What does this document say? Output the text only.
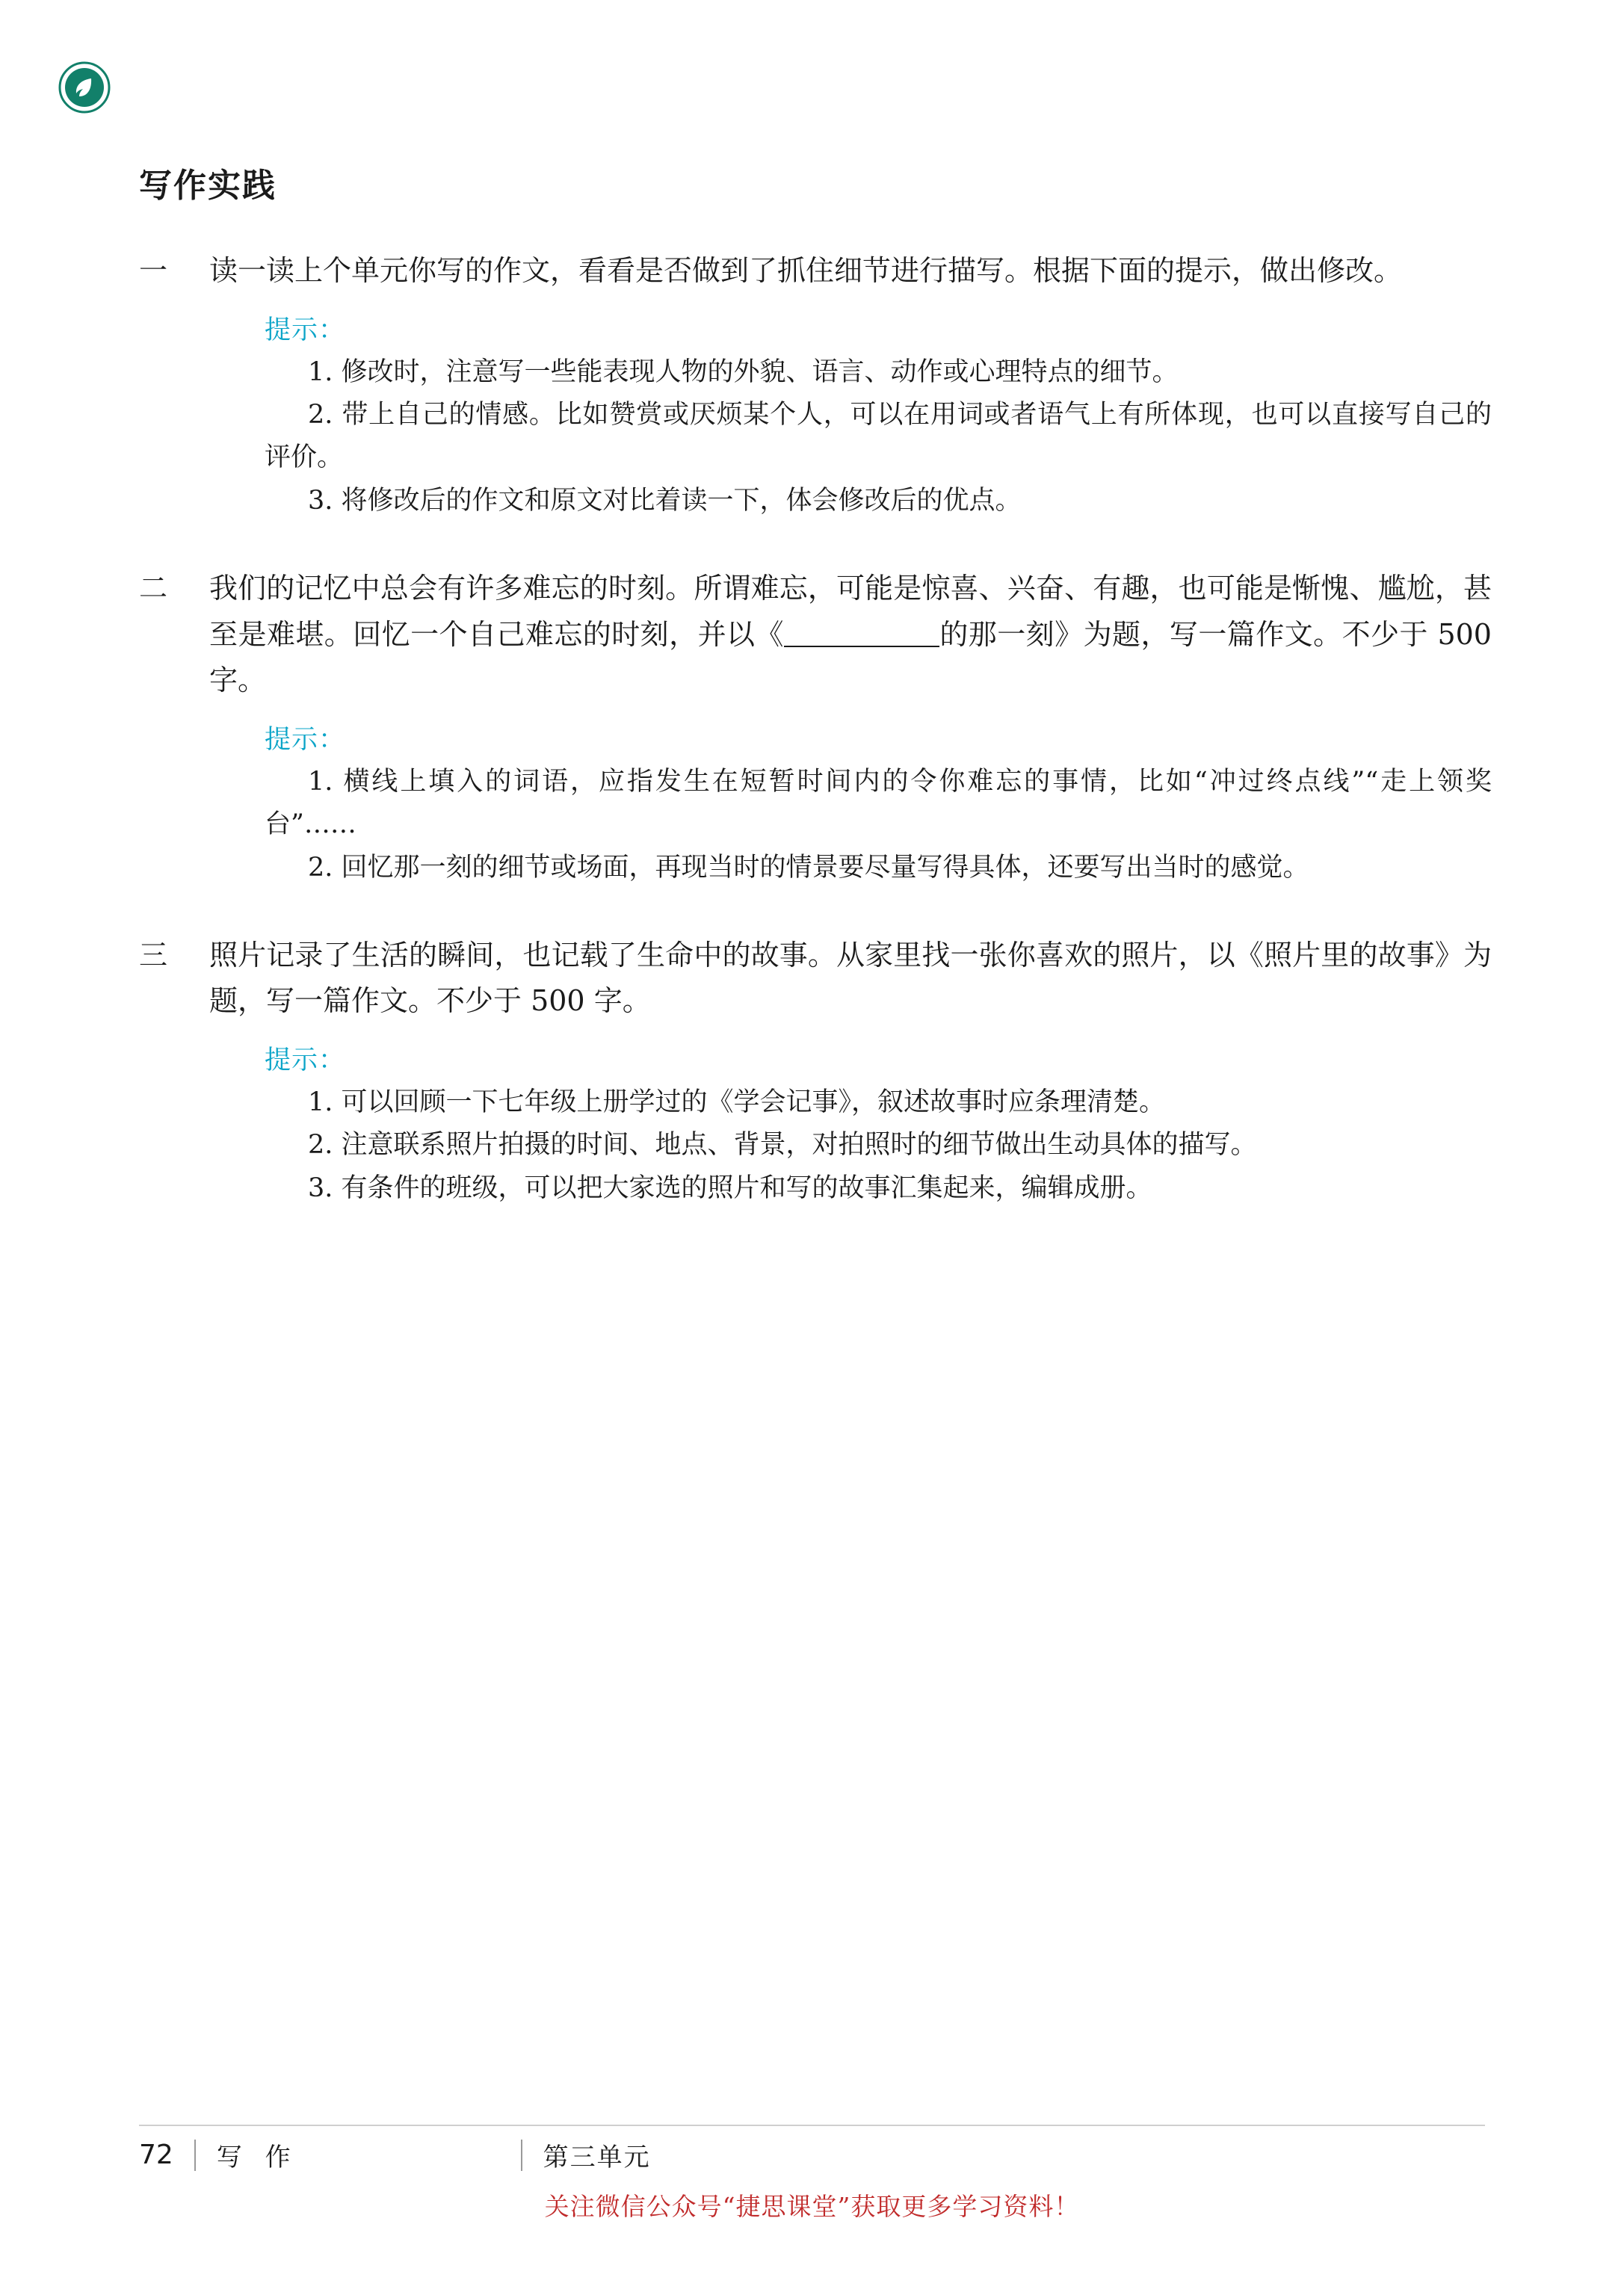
写作实践
一	读一读上个单元你写的作文，看看是否做到了抓住细节进行描写。根据下面的提示，做出修改。

提示：

1. 修改时，注意写一些能表现人物的外貌、语言、动作或心理特点的细节。

2. 带上自己的情感。比如赞赏或厌烦某个人，可以在用词或者语气上有所体现，也可以直接写自己的评价。

3. 将修改后的作文和原文对比着读一下，体会修改后的优点。

二	我们的记忆中总会有许多难忘的时刻。所谓难忘，可能是惊喜、兴奋、有趣，也可能是惭愧、尴尬，甚至是难堪。回忆一个自己难忘的时刻，并以《	的那一刻》为题，写一篇作文。不少于 500 字。

提示：

1. 横线上填入的词语，应指发生在短暂时间内的令你难忘的事情，比如“冲过终点线”“走上领奖台”……

2. 回忆那一刻的细节或场面，再现当时的情景要尽量写得具体，还要写出当时的感觉。

三	照片记录了生活的瞬间，也记载了生命中的故事。从家里找一张你喜欢的照片，以《照片里的故事》为题，写一篇作文。不少于 500 字。

提示：

1. 可以回顾一下七年级上册学过的《学会记事》，叙述故事时应条理清楚。

2. 注意联系照片拍摄的时间、地点、背景，对拍照时的细节做出生动具体的描写。

3. 有条件的班级，可以把大家选的照片和写的故事汇集起来，编辑成册。

72 写 作	第三单元
关注微信公众号“捷思课堂”获取更多学习资料！
